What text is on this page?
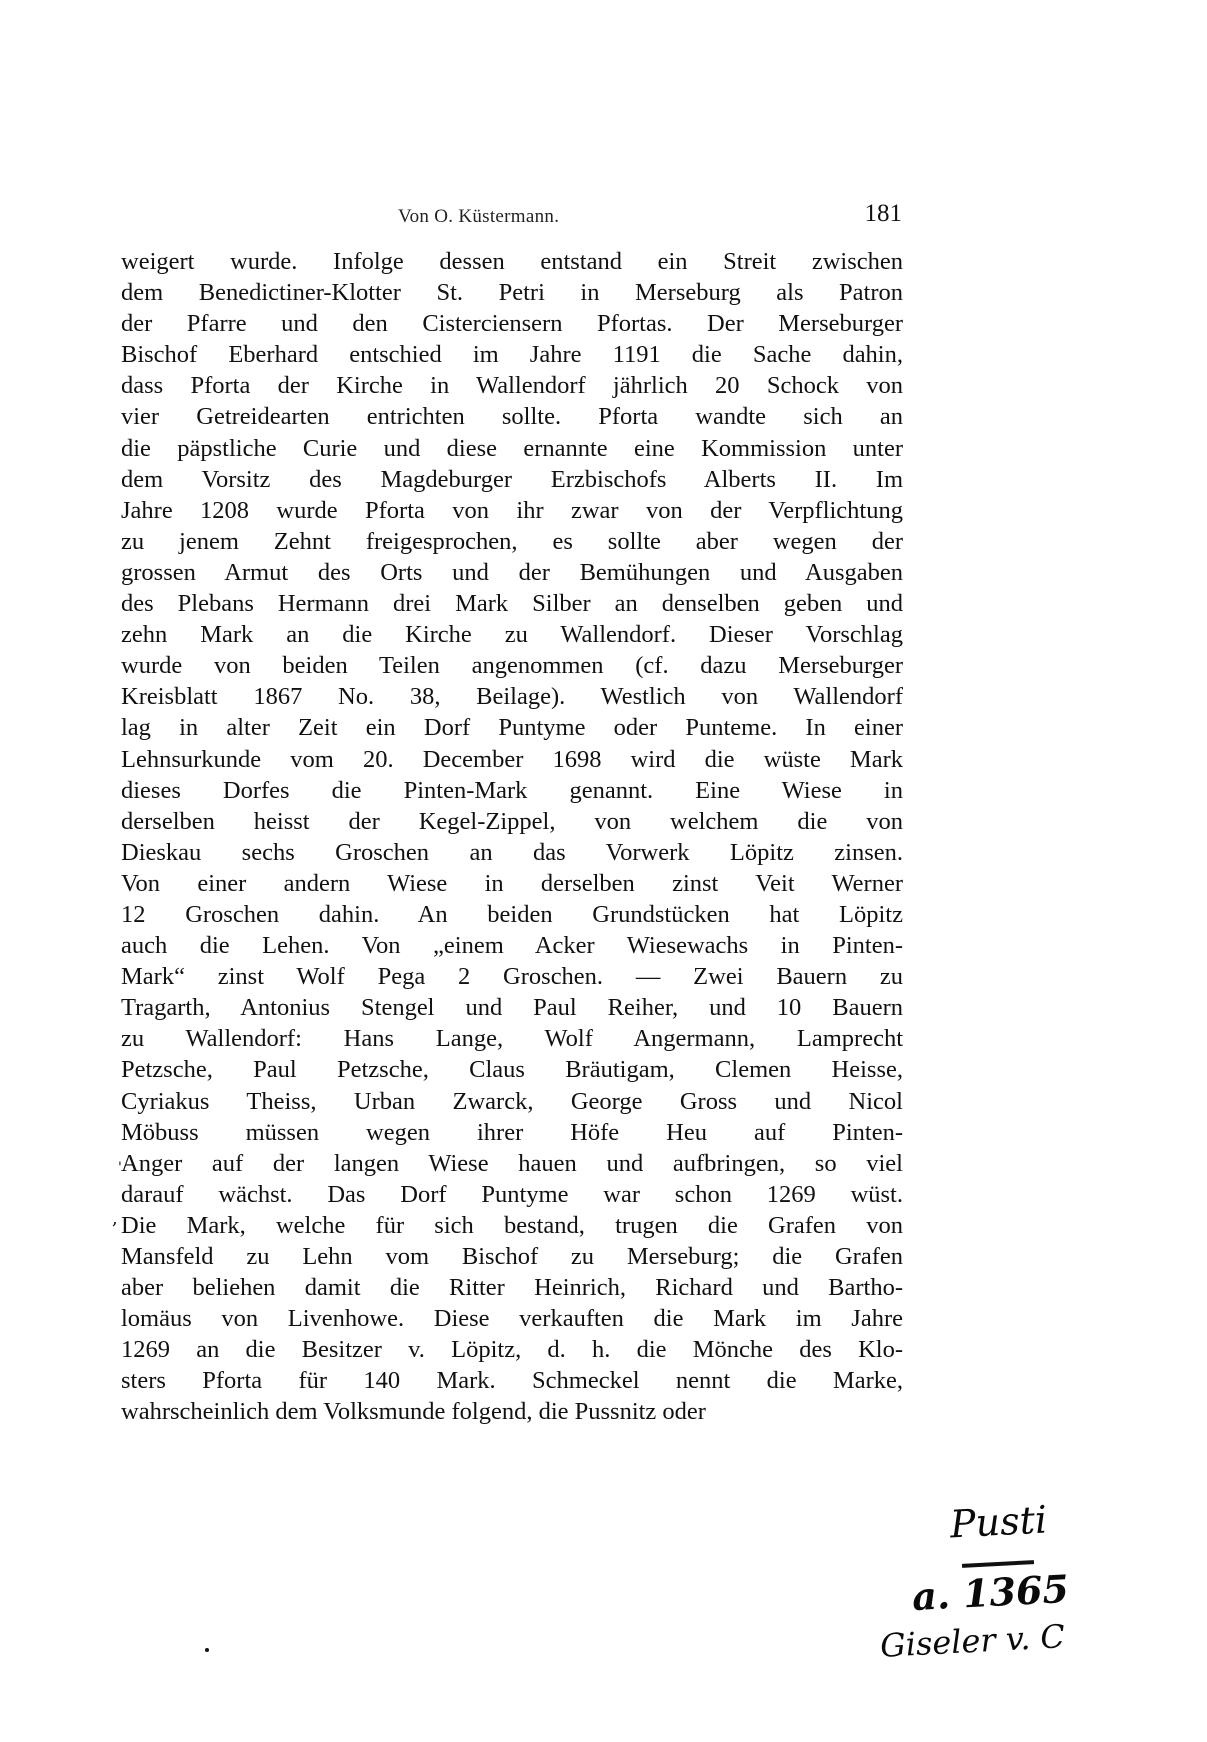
Von O. Küstermann.	181
weigert wurde. Infolge dessen entstand ein Streit zwischen
dem Benedictiner-Klotter St. Petri in Merseburg als Patron
der Pfarre und den Cisterciensern Pfortas. Der Merseburger
Bischof Eberhard entschied im Jahre 1191 die Sache dahin,
dass Pforta der Kirche in Wallendorf jährlich 20 Schock von
vier Getreidearten entrichten sollte. Pforta wandte sich an
die päpstliche Curie und diese ernannte eine Kommission unter
dem Vorsitz des Magdeburger Erzbischofs Alberts II. Im
Jahre 1208 wurde Pforta von ihr zwar von der Verpflichtung
zu jenem Zehnt freigesprochen, es sollte aber wegen der
grossen Armut des Orts und der Bemühungen und Ausgaben
des Plebans Hermann drei Mark Silber an denselben geben und
zehn Mark an die Kirche zu Wallendorf. Dieser Vorschlag
wurde von beiden Teilen angenommen (cf. dazu Merseburger
Kreisblatt 1867 No. 38, Beilage). Westlich von Wallendorf
lag in alter Zeit ein Dorf Puntyme oder Punteme. In einer
Lehnsurkunde vom 20. December 1698 wird die wüste Mark
dieses Dorfes die Pinten-Mark genannt. Eine Wiese in
derselben heisst der Kegel-Zippel, von welchem die von
Dieskau sechs Groschen an das Vorwerk Löpitz zinsen.
Von einer andern Wiese in derselben zinst Veit Werner
12 Groschen dahin. An beiden Grundstücken hat Löpitz
auch die Lehen. Von „einem Acker Wiesewachs in Pinten-
Mark“ zinst Wolf Pega 2 Groschen. — Zwei Bauern zu
Tragarth, Antonius Stengel und Paul Reiher, und 10 Bauern
zu Wallendorf: Hans Lange, Wolf Angermann, Lamprecht
Petzsche, Paul Petzsche, Claus Bräutigam, Clemen Heisse,
Cyriakus Theiss, Urban Zwarck, George Gross und Nicol
Möbuss müssen wegen ihrer Höfe Heu auf Pinten-
Anger auf der langen Wiese hauen und aufbringen, so viel
darauf wächst. Das Dorf Puntyme war schon 1269 wüst.
Die Mark, welche für sich bestand, trugen die Grafen von
Mansfeld zu Lehn vom Bischof zu Merseburg; die Grafen
aber beliehen damit die Ritter Heinrich, Richard und Bartho-
lomäus von Livenhowe. Diese verkauften die Mark im Jahre
1269 an die Besitzer v. Löpitz, d. h. die Mönche des Klo-
sters Pforta für 140 Mark. Schmeckel nennt die Marke,
wahrscheinlich dem Volksmunde folgend, die Pussnitz oder
'
,
Pusti
a. 1365
Giseler v. C
